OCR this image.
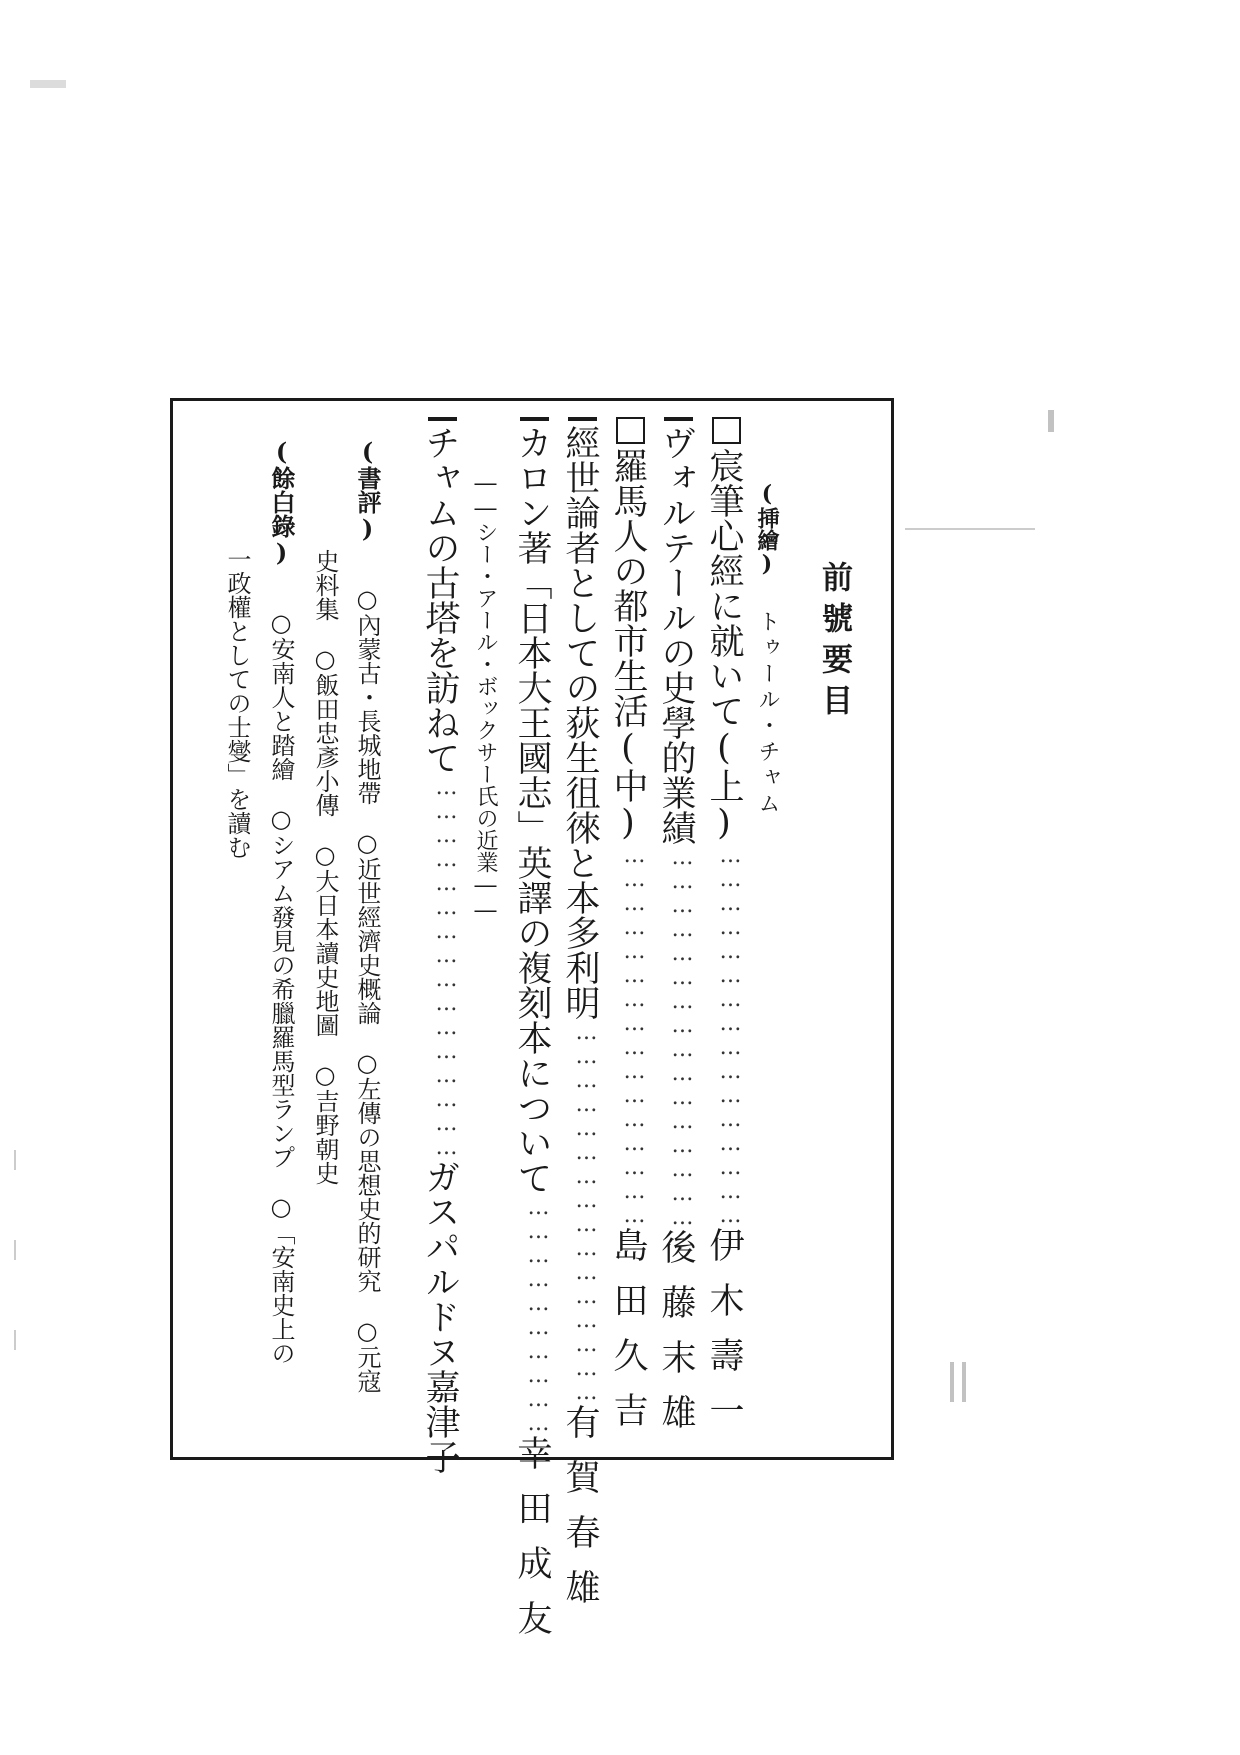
前號要目
(挿繪) トゥール・チャム
宸筆心經に就いて(上)
…………………………………………
伊木壽一
ヴォルテールの史學的業績
…………………………………………
後藤末雄
羅馬人の都市生活(中)
…………………………………………
島田久吉
經世論者としての荻生徂徠と本多利明
…………………………………………
有賀春雄
カロン著「日本大王國志」英譯の複刻本について
…………………………
幸田成友
――シー・アール・ボックサー氏の近業――
チャムの古塔を訪ねて
…………………………………………
ガスパルドヌ嘉津子
(書評) ○內蒙古・長城地帶　○近世經濟史概論　○左傳の思想史的研究　○元寇
史料集　○飯田忠彥小傳　○大日本讀史地圖　○吉野朝史
(餘白錄) ○安南人と踏繪　○シアム發見の希臘羅馬型ランプ　○「安南史上の
一政權としての士燮」を讀む
